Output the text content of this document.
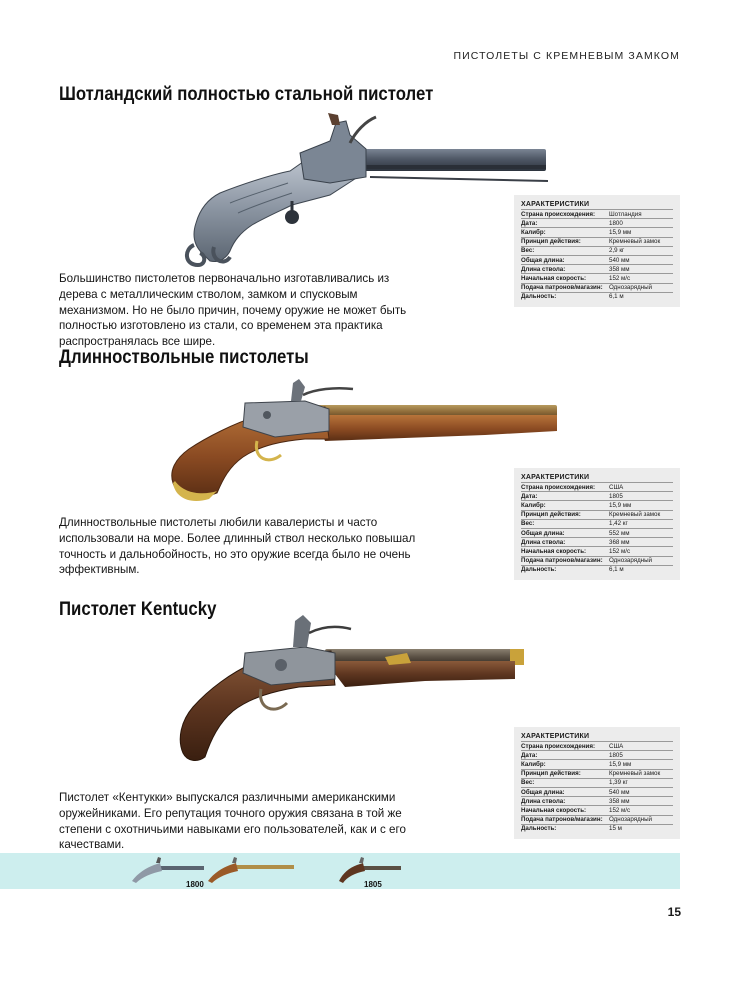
ПИСТОЛЕТЫ С КРЕМНЕВЫМ ЗАМКОМ
Шотландский полностью стальной пистолет
Большинство пистолетов первоначально изготавливались из дерева с металлическим стволом, замком и спусковым механизмом. Но не было причин, почему оружие не может быть полностью изготовлено из стали, со временем эта практика распространялась все шире.
ХАРАКТЕРИСТИКИ
Страна происхождения:	Шотландия
Дата:	1800
Калибр:	15,9 мм
Принцип действия:	Кремневый замок
Вес:	2,9 кг
Общая длина:	540 мм
Длина ствола:	358 мм
Начальная скорость:	152 м/с
Подача патронов/магазин:	Однозарядный
Дальность:	6,1 м
Длинноствольные пистолеты
Длинноствольные пистолеты любили кавалеристы и часто использовали на море. Более длинный ствол несколько повышал точность и дальнобойность, но это оружие всегда было не очень эффективным.
ХАРАКТЕРИСТИКИ
Страна происхождения:	США
Дата:	1805
Калибр:	15,9 мм
Принцип действия:	Кремневый замок
Вес:	1,42 кг
Общая длина:	552 мм
Длина ствола:	368 мм
Начальная скорость:	152 м/с
Подача патронов/магазин:	Однозарядный
Дальность:	6,1 м
Пистолет Kentucky
Пистолет «Кентукки» выпускался различными американскими оружейниками. Его репутация точного оружия связана в той же степени с охотничьими навыками его пользователей, как и с его качествами.
ХАРАКТЕРИСТИКИ
Страна происхождения:	США
Дата:	1805
Калибр:	15,9 мм
Принцип действия:	Кремневый замок
Вес:	1,39 кг
Общая длина:	540 мм
Длина ствола:	358 мм
Начальная скорость:	152 м/с
Подача патронов/магазин:	Однозарядный
Дальность:	15 м
1800	1805
15
